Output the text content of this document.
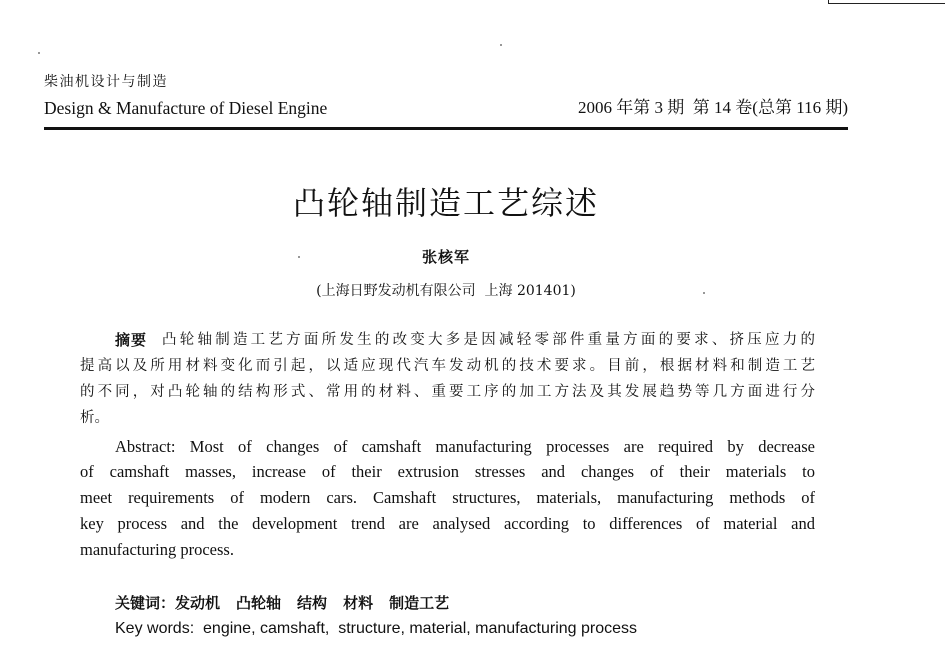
柴油机设计与制造
Design & Manufacture of Diesel Engine	2006 年第 3 期  第 14 卷(总第 116 期)
凸轮轴制造工艺综述
张核军
(上海日野发动机有限公司  上海 201401)
摘要 凸轮轴制造工艺方面所发生的改变大多是因减轻零部件重量方面的要求、挤压应力的
提高以及所用材料变化而引起，以适应现代汽车发动机的技术要求。目前，根据材料和制造工艺
的不同，对凸轮轴的结构形式、常用的材料、重要工序的加工方法及其发展趋势等几方面进行分
析。
Abstract: Most of changes of camshaft manufacturing processes are required by decrease
of camshaft masses, increase of their extrusion stresses and changes of their materials to
meet requirements of modern cars. Camshaft structures, materials, manufacturing methods of
key process and the development trend are analysed according to differences of material and
manufacturing process.
关键词：发动机 凸轮轴 结构 材料 制造工艺
Key words:  engine, camshaft,  structure, material, manufacturing process
